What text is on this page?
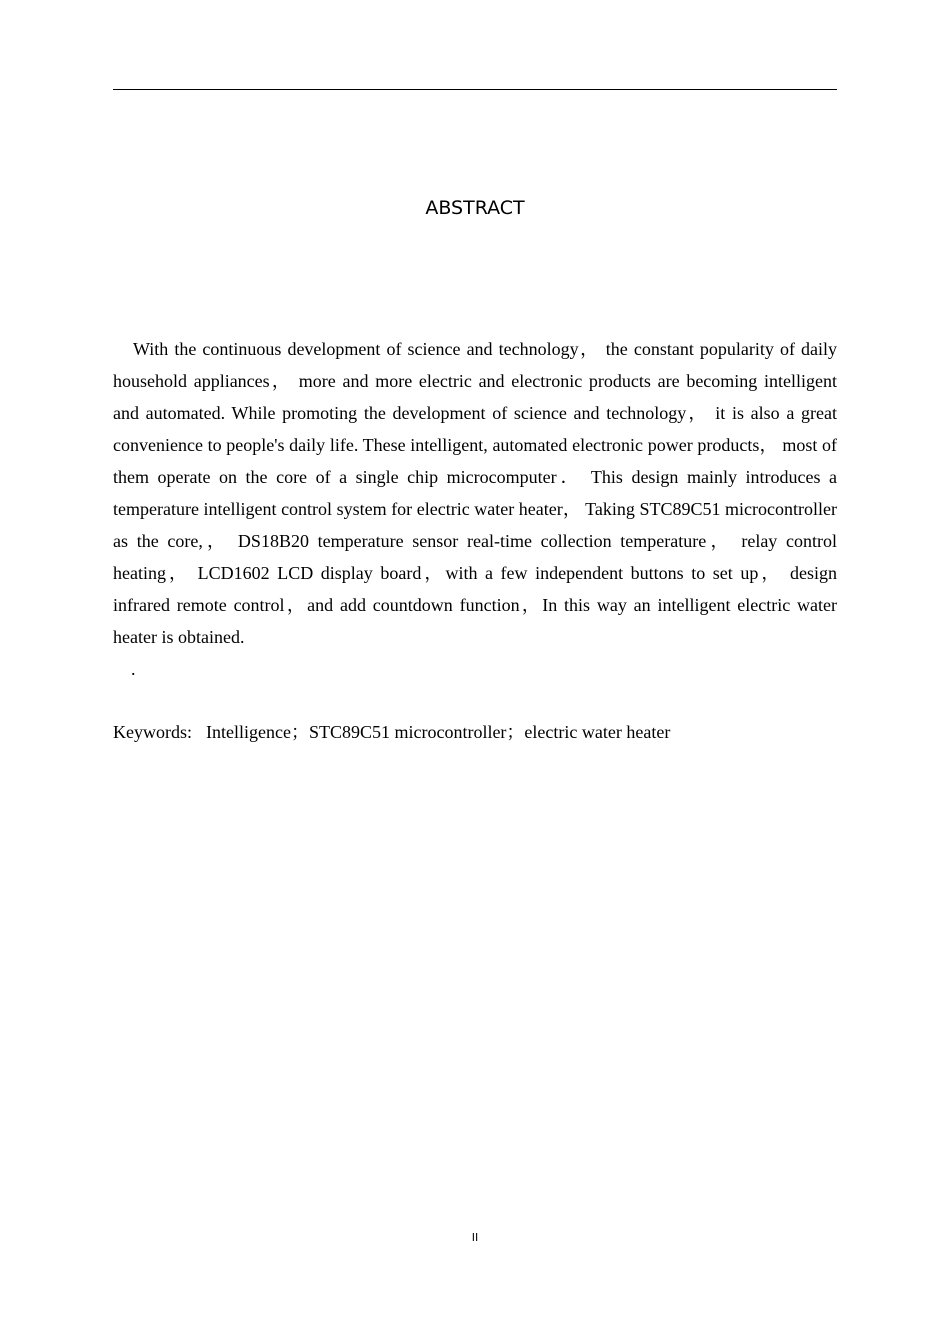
ABSTRACT

With the continuous development of science and technology， the constant popularity of daily household appliances， more and more electric and electronic products are becoming intelligent and automated. While promoting the development of science and technology， it is also a great convenience to people's daily life. These intelligent, automated electronic power products， most of them operate on the core of a single chip microcomputer． This design mainly introduces a temperature intelligent control system for electric water heater， Taking STC89C51 microcontroller as the core,， DS18B20 temperature sensor real-time collection temperature， relay control heating， LCD1602 LCD display board，with a few independent buttons to set up， design infrared remote control，and add countdown function，In this way an intelligent electric water heater is obtained.

.
Keywords: Intelligence；STC89C51 microcontroller；electric water heater
II
